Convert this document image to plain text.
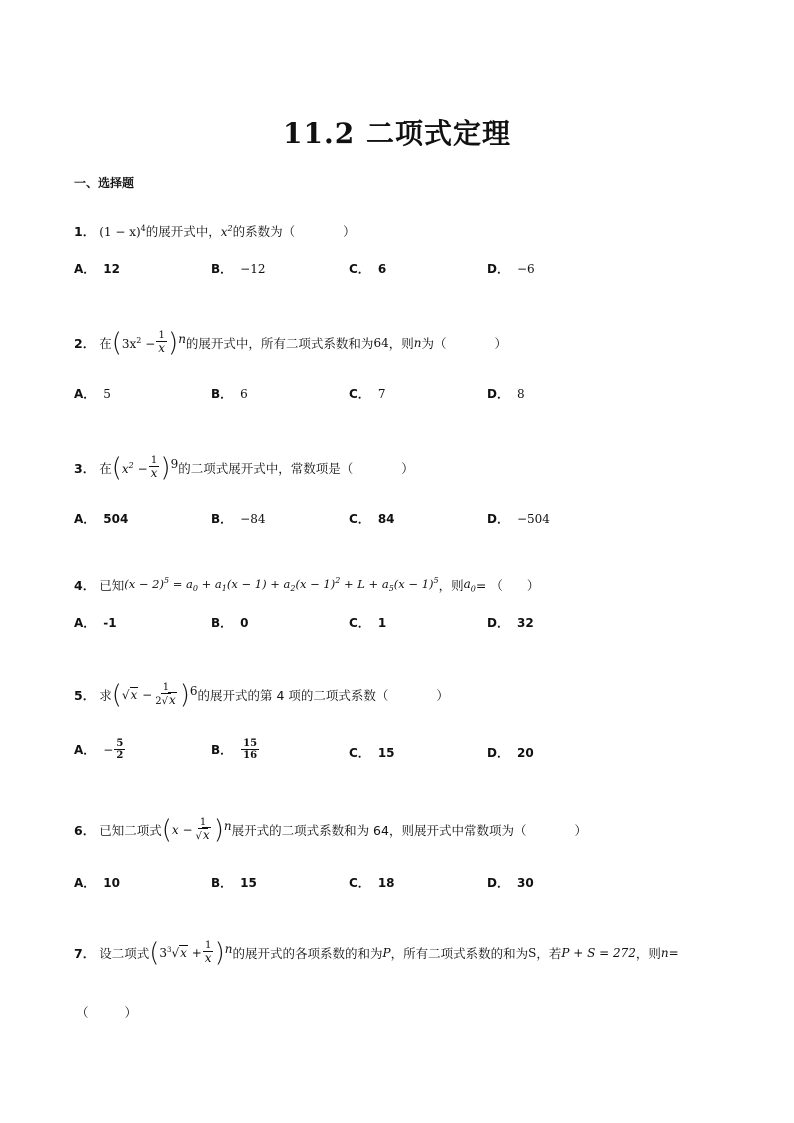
11.2 二项式定理
一、选择题
1． $(1 - x)^4$ 的展开式中， $x^2$ 的系数为（	）
A． 12	B． −12	C． 6	D． −6
2． 在 ( $3x^2 - \frac{1}{x}$ ) n 的展开式中，所有二项式系数和为 64 ，则 n 为（	）
A． 5	B． 6	C． 7	D． 8
3． 在 ( $x^2 - \frac{1}{x}$ ) 9 的二项式展开式中，常数项是（	）
A． 504	B． −84	C． 84	D． −504
4． 已知 $(x - 2)^5 = a_0 + a_1(x - 1) + a_2(x - 1)^2 + L + a_5(x - 1)^5$ ，则 $a_0$ = （ ）
A． -1	B． 0	C． 1	D． 32
5． 求 ( $√x - \frac{1}{2√x}$ ) 6 的展开式的第 4 项的二项式系数（	）
A． − $\frac{5}{2}$	B． $\frac{15}{16}$	C． 15	D． 20
6． 已知二项式 ( $x - \frac{1}{√x}$ ) n 展开式的二项式系数和为 64，则展开式中常数项为（	）
A． 10	B． 15	C． 18	D． 30
7． 设二项式 ( $3^3√x + \frac{1}{x}$ ) n 的展开式的各项系数的和为 P ，所有二项式系数的和为 S ，若 P + S = 272 ，则 n =
（	）
